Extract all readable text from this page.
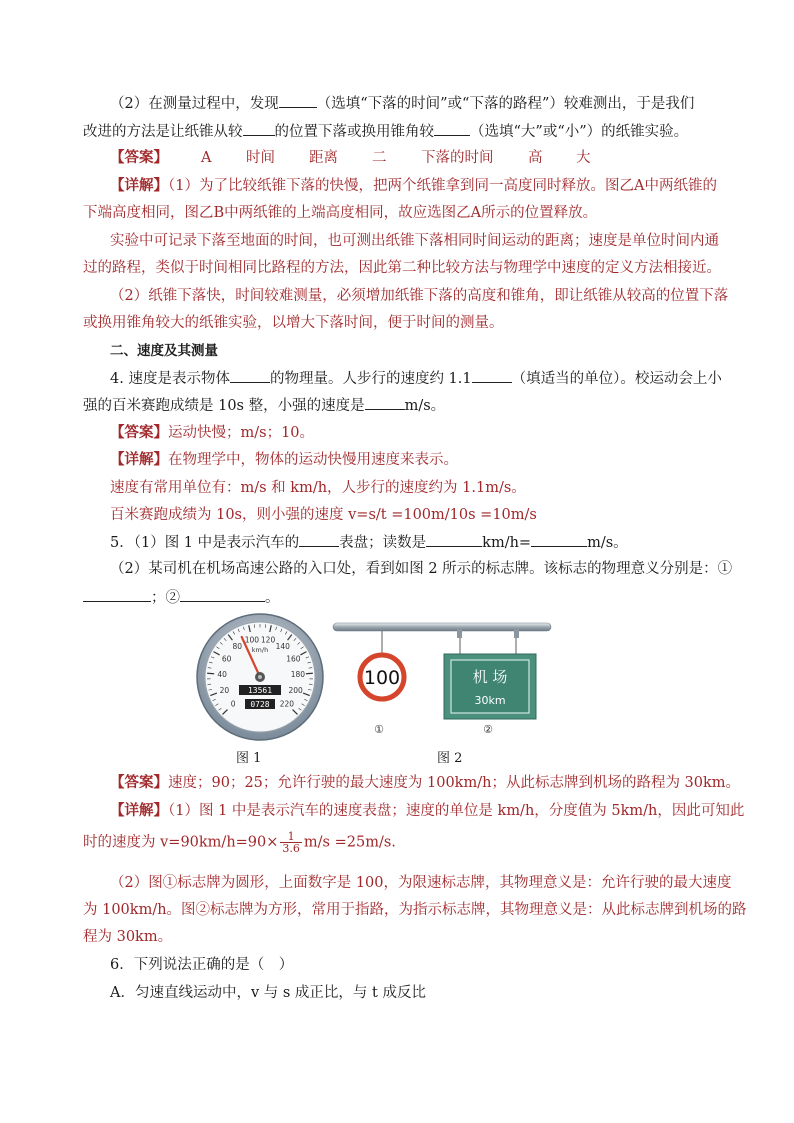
（2）在测量过程中，发现	（选填“下落的时间”或“下落的路程”）较难测出，于是我们
改进的方法是让纸锥从较 的位置下落或换用锥角较 （选填“大”或“小”）的纸锥实验。
【答案】 A 时间 距离 二 下落的时间 高 大
【详解】（1）为了比较纸锥下落的快慢，把两个纸锥拿到同一高度同时释放。图乙A中两纸锥的
下端高度相同，图乙B中两纸锥的上端高度相同，故应选图乙A所示的位置释放。
实验中可记录下落至地面的时间，也可测出纸锥下落相同时间运动的距离；速度是单位时间内通
过的路程，类似于时间相同比路程的方法，因此第二种比较方法与物理学中速度的定义方法相接近。
（2）纸锥下落快，时间较难测量，必须增加纸锥下落的高度和锥角，即让纸锥从较高的位置下落
或换用锥角较大的纸锥实验，以增大下落时间，便于时间的测量。
二、速度及其测量
4. 速度是表示物体	的物理量。人步行的速度约 1.1	（填适当的单位）。校运动会上小
强的百米赛跑成绩是 10s 整，小强的速度是	m/s。
【答案】运动快慢；m/s；10。
【详解】在物理学中，物体的运动快慢用速度来表示。
速度有常用单位有：m/s 和 km/h，人步行的速度约为 1.1m/s。
百米赛跑成绩为 10s，则小强的速度 v=s/t =100m/10s =10m/s
5．（1）图 1 中是表示汽车的	表盘；读数是	km/h=	m/s。
（2）某司机在机场高速公路的入口处，看到如图 2 所示的标志牌。该标志的物理意义分别是：①
；②	。
0
20
40
60
80
100 120
140
160
180
200
220
km/h
13561
0728
100
①
机 场
30km
②
图 1	图 2
【答案】速度；90；25；允许行驶的最大速度为 100km/h；从此标志牌到机场的路程为 30km。
【详解】（1）图 1 中是表示汽车的速度表盘；速度的单位是 km/h，分度值为 5km/h，因此可知此
时的速度为 $v=90km/h=90\times \frac{1}{3.6} m/s =25m/s$.
（2）图①标志牌为圆形，上面数字是 100，为限速标志牌，其物理意义是：允许行驶的最大速度
为 100km/h。图②标志牌为方形，常用于指路，为指示标志牌，其物理意义是：从此标志牌到机场的路
程为 30km。
6．下列说法正确的是（　）
A．匀速直线运动中，v 与 s 成正比，与 t 成反比
